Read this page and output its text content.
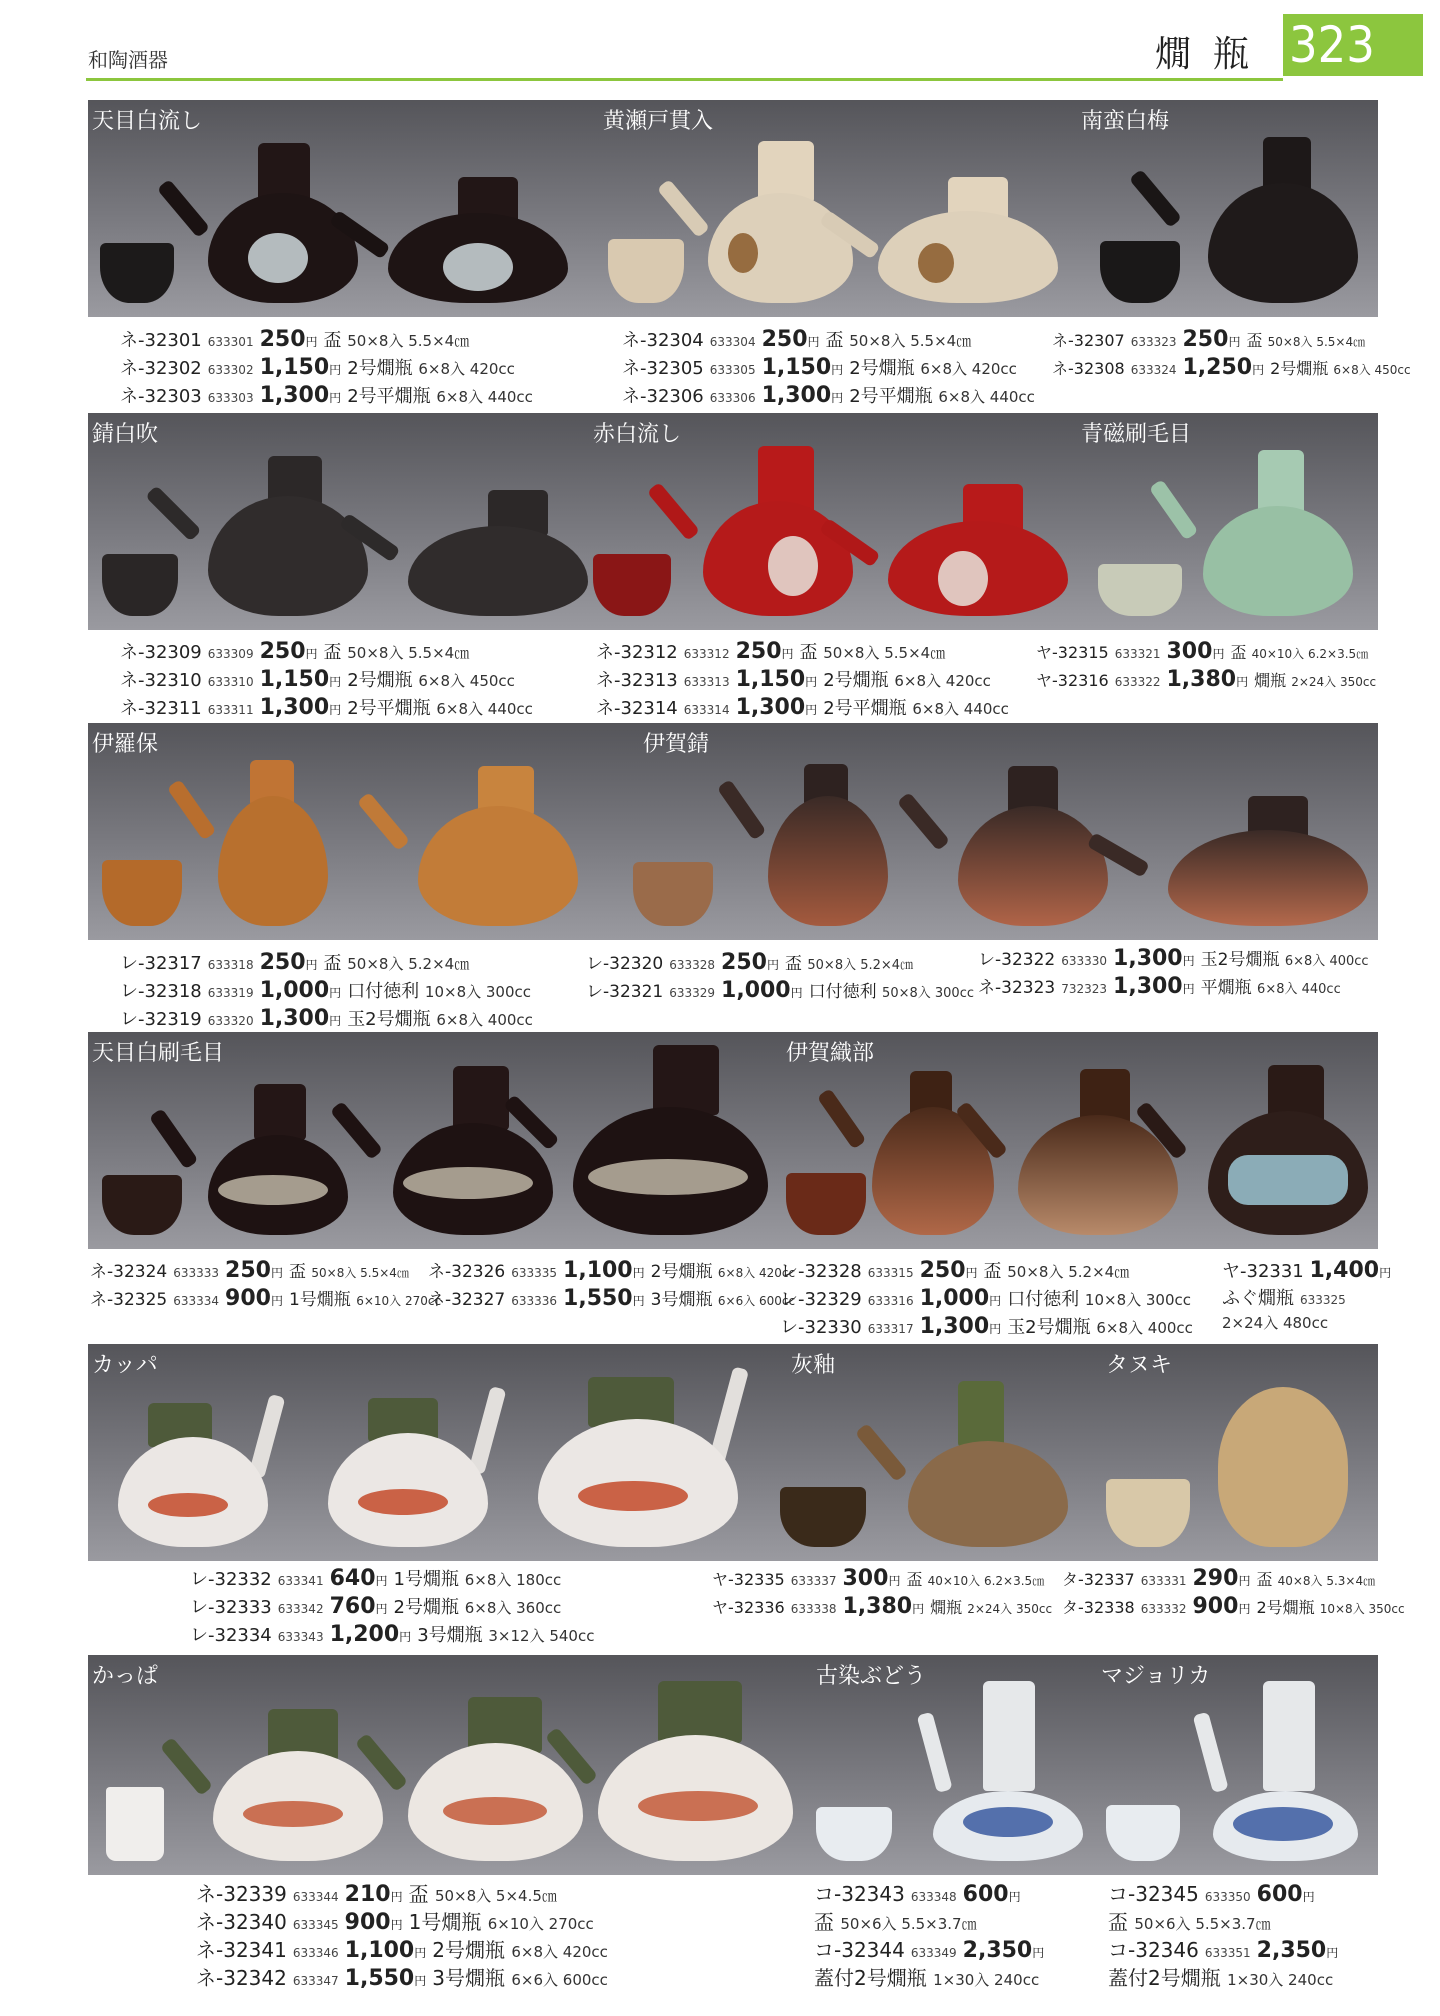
和陶酒器	燗瓶 323
天目白流し	黄瀬戸貫入	南蛮白梅
ネ-32301 633301 250円 盃 50×8入 5.5×4㎝
ネ-32302 633302 1,150円 2号燗瓶 6×8入 420cc
ネ-32303 633303 1,300円 2号平燗瓶 6×8入 440cc
ネ-32304 633304 250円 盃 50×8入 5.5×4㎝
ネ-32305 633305 1,150円 2号燗瓶 6×8入 420cc
ネ-32306 633306 1,300円 2号平燗瓶 6×8入 440cc
ネ-32307 633323 250円 盃 50×8入 5.5×4㎝
ネ-32308 633324 1,250円 2号燗瓶 6×8入 450cc
錆白吹	赤白流し	青磁刷毛目
ネ-32309 633309 250円 盃 50×8入 5.5×4㎝
ネ-32310 633310 1,150円 2号燗瓶 6×8入 450cc
ネ-32311 633311 1,300円 2号平燗瓶 6×8入 440cc
ネ-32312 633312 250円 盃 50×8入 5.5×4㎝
ネ-32313 633313 1,150円 2号燗瓶 6×8入 420cc
ネ-32314 633314 1,300円 2号平燗瓶 6×8入 440cc
ヤ-32315 633321 300円 盃 40×10入 6.2×3.5㎝
ヤ-32316 633322 1,380円 燗瓶 2×24入 350cc
伊羅保	伊賀錆
レ-32317 633318 250円 盃 50×8入 5.2×4㎝
レ-32318 633319 1,000円 口付徳利 10×8入 300cc
レ-32319 633320 1,300円 玉2号燗瓶 6×8入 400cc
レ-32320 633328 250円 盃 50×8入 5.2×4㎝
レ-32321 633329 1,000円 口付徳利 50×8入 300cc
レ-32322 633330 1,300円 玉2号燗瓶 6×8入 400cc
ネ-32323 732323 1,300円 平燗瓶 6×8入 440cc
天目白刷毛目	伊賀織部
ネ-32324 633333 250円 盃 50×8入 5.5×4㎝
ネ-32325 633334 900円 1号燗瓶 6×10入 270cc
ネ-32326 633335 1,100円 2号燗瓶 6×8入 420cc
ネ-32327 633336 1,550円 3号燗瓶 6×6入 600cc
レ-32328 633315 250円 盃 50×8入 5.2×4㎝
レ-32329 633316 1,000円 口付徳利 10×8入 300cc
レ-32330 633317 1,300円 玉2号燗瓶 6×8入 400cc
ヤ-32331 1,400円
ふぐ燗瓶 633325
2×24入 480cc
カッパ	灰釉	タヌキ
レ-32332 633341 640円 1号燗瓶 6×8入 180cc
レ-32333 633342 760円 2号燗瓶 6×8入 360cc
レ-32334 633343 1,200円 3号燗瓶 3×12入 540cc
ヤ-32335 633337 300円 盃 40×10入 6.2×3.5㎝
ヤ-32336 633338 1,380円 燗瓶 2×24入 350cc
タ-32337 633331 290円 盃 40×8入 5.3×4㎝
タ-32338 633332 900円 2号燗瓶 10×8入 350cc
かっぱ	古染ぶどう	マジョリカ
ネ-32339 633344 210円 盃 50×8入 5×4.5㎝
ネ-32340 633345 900円 1号燗瓶 6×10入 270cc
ネ-32341 633346 1,100円 2号燗瓶 6×8入 420cc
ネ-32342 633347 1,550円 3号燗瓶 6×6入 600cc
コ-32343 633348 600円
盃 50×6入 5.5×3.7㎝
コ-32344 633349 2,350円
蓋付2号燗瓶 1×30入 240cc
コ-32345 633350 600円
盃 50×6入 5.5×3.7㎝
コ-32346 633351 2,350円
蓋付2号燗瓶 1×30入 240cc
